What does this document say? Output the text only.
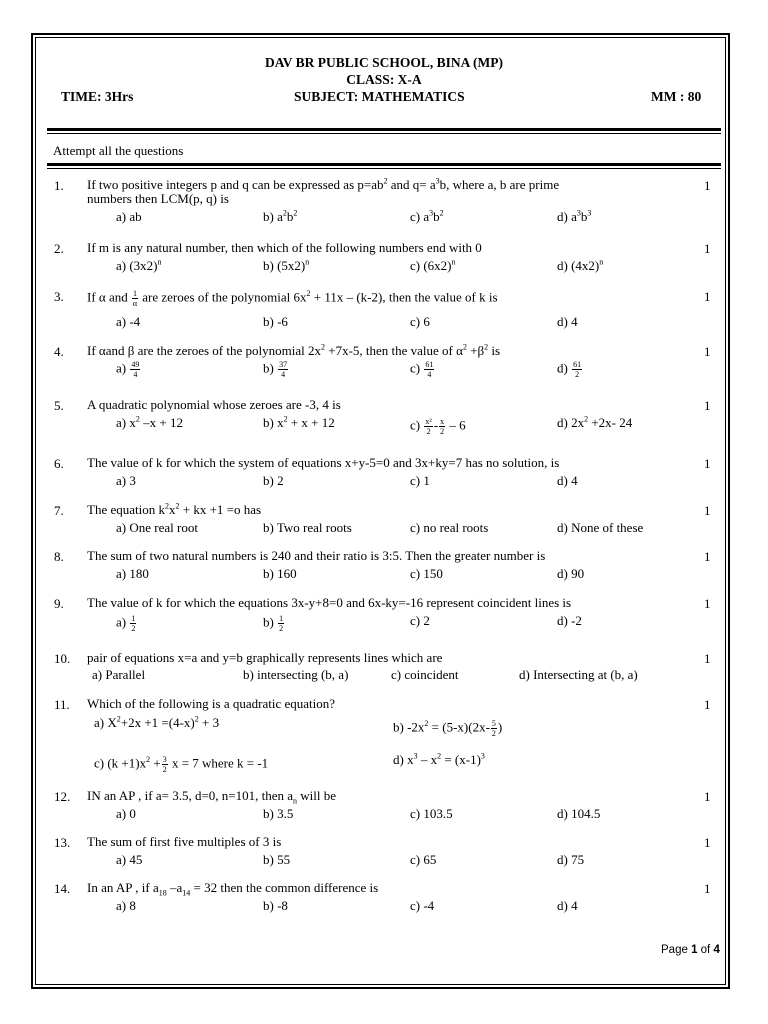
DAV BR PUBLIC SCHOOL, BINA (MP)
CLASS: X-A
TIME: 3Hrs	SUBJECT: MATHEMATICS	MM : 80
Attempt all the questions
1. If two positive integers p and q can be expressed as $p=ab^2$ and $q= a^3b$, where a, b are prime
numbers then LCM(p, q) is
1
a) ab	b) $a^2b^2$	c) $a^3b^2$	d) $a^3b^3$
2. If m is any natural number, then which of the following numbers end with 0	1
a) $(3x2)^n$	b) $(5x2)^n$	c) $(6x2)^n$	d) $(4x2)^n$
3. If α and $\frac{1}{\alpha}$ are zeroes of the polynomial $6x^2 + 11x - (k-2)$, then the value of k is	1
a) -4	b) -6	c) 6	d) 4
4. If αand β are the zeroes of the polynomial $2x^2 +7x-5$, then the value of $\alpha^2 +\beta^2$ is	1
$a) \frac{49}{4}$	$b) \frac{37}{4}$	$c) \frac{61}{4}$	$d) \frac{61}{2}$
5. A quadratic polynomial whose zeroes are -3, 4 is	1
a) $x^2$ –x + 12	b) $x^2 + x + 12$	$c) \frac{\text{x²}}{2} - \frac{x}{2} - 6$	d) $2x^2 +2x-$ 24
6. The value of k for which the system of equations x+y-5=0 and 3x+ky=7 has no solution, is	1
a) 3	b) 2	c) 1	d) 4
7. The equation $k^2x^2$ + kx +1 =o has	1
a) One real root	b) Two real roots	c) no real roots	d) None of these
8. The sum of two natural numbers is 240 and their ratio is 3:5. Then the greater number is	1
a) 180	b) 160	c) 150	d) 90
9. The value of k for which the equations 3x-y+8=0 and 6x-ky=-16 represent coincident lines is	1
$a) \frac{1}{2}$	$b) \frac{1}{2}$	c) 2	d) -2
10. pair of equations x=a and y=b graphically represents lines which are	1
a) Parallel	b) intersecting (b, a)	c) coincident	d) Intersecting at (b, a)
11. Which of the following is a quadratic equation?	1
a) $X^2+2x +1 =(4-x)^2 + 3$	b) $-2x^2 = (5-x)(2x- \frac{5}{2}$ )
c) $(k +1)x^2 + \frac{3}{2}$ x = 7 where k = -1	d) $x^3 - x^2 = (x-1)^3$
12. IN an AP , if a= 3.5, d=0, n=101, then $a_n$ will be	1
a) 0	b) 3.5	c) 103.5	d) 104.5
13. The sum of first five multiples of 3 is	1
a) 45	b) 55	c) 65	d) 75
14. In an AP , if $a_{18}$ $-a_{14} = 32$ then the common difference is	1
a) 8	b) -8	c) -4	d) 4
Page 1 of 4
